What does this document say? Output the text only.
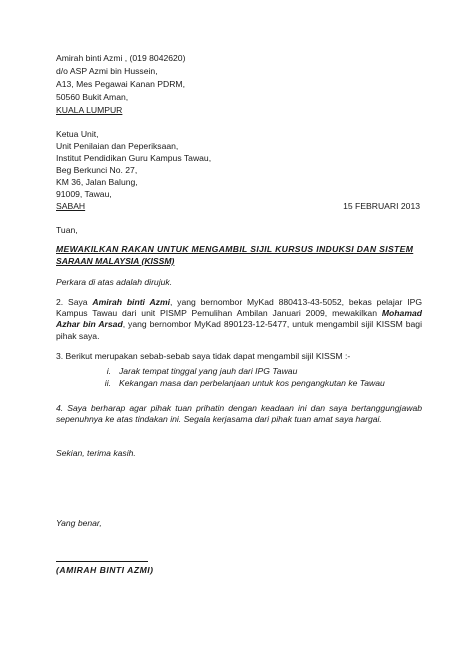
Amirah binti Azmi , (019 8042620)
d/o ASP Azmi bin Hussein,
A13, Mes Pegawai Kanan PDRM,
50560 Bukit Aman,
KUALA LUMPUR
Ketua Unit,
Unit Penilaian dan Peperiksaan,
Institut Pendidikan Guru Kampus Tawau,
Beg Berkunci No. 27,
KM 36, Jalan Balung,
91009, Tawau,
SABAH	15 FEBRUARI 2013
Tuan,
MEWAKILKAN RAKAN UNTUK MENGAMBIL SIJIL KURSUS INDUKSI DAN SISTEM
SARAAN MALAYSIA (KISSM)
Perkara di atas adalah dirujuk.
2. Saya Amirah binti Azmi, yang bernombor MyKad 880413-43-5052, bekas pelajar IPG Kampus Tawau dari unit PISMP Pemulihan Ambilan Januari 2009, mewakilkan Mohamad Azhar bin Arsad, yang bernombor MyKad 890123-12-5477, untuk mengambil sijil KISSM bagi pihak saya.
3. Berikut merupakan sebab-sebab saya tidak dapat mengambil sijil KISSM :-
i. Jarak tempat tinggal yang jauh dari IPG Tawau
ii. Kekangan masa dan perbelanjaan untuk kos pengangkutan ke Tawau
4. Saya berharap agar pihak tuan prihatin dengan keadaan ini dan saya bertanggungjawab sepenuhnya ke atas tindakan ini. Segala kerjasama dari pihak tuan amat saya hargai.
Sekian, terima kasih.
Yang benar,
(AMIRAH BINTI AZMI)
